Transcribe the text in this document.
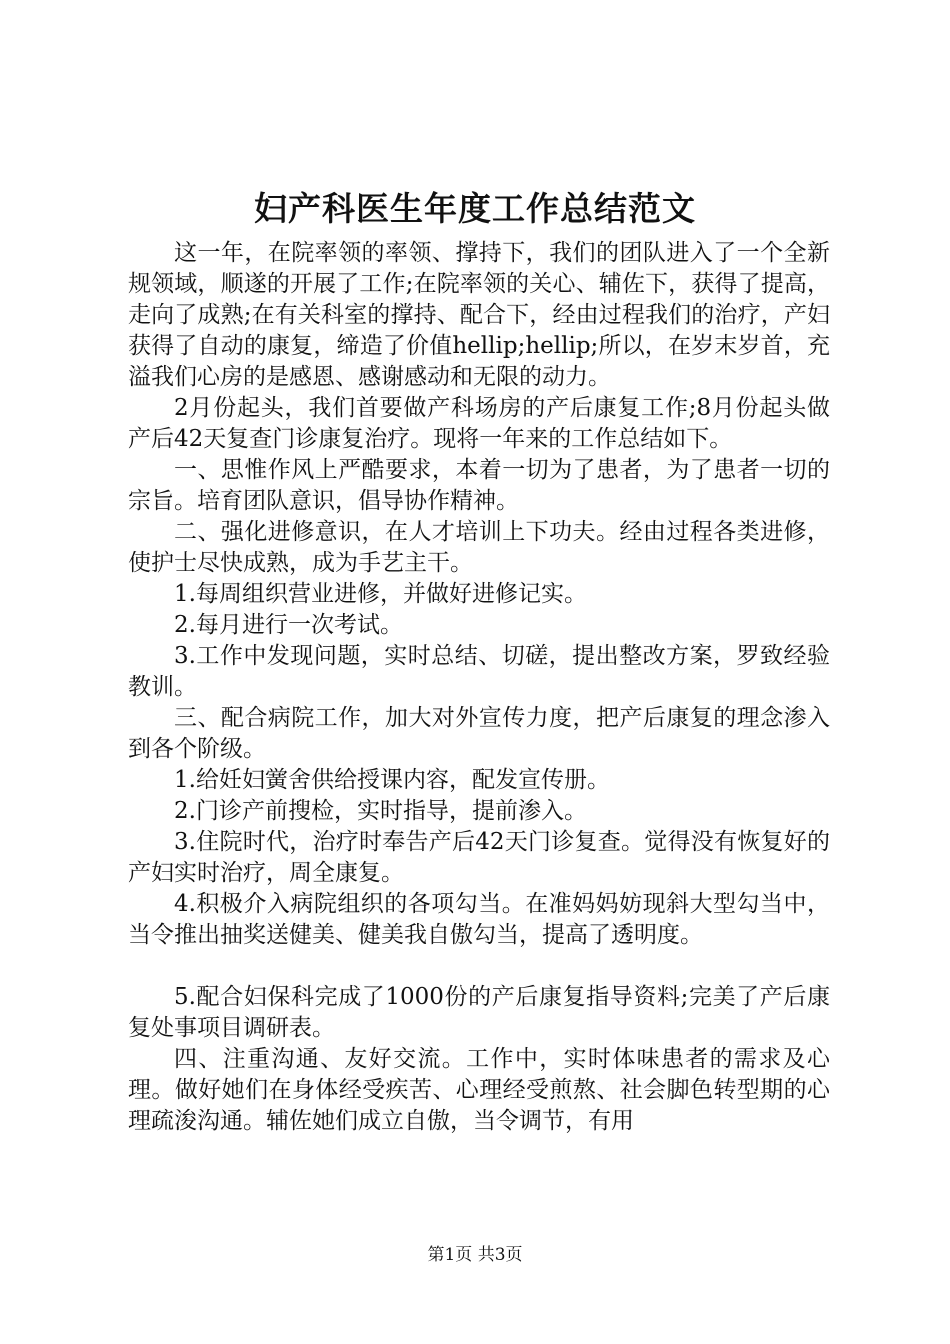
妇产科医生年度工作总结范文

这一年，在院率领的率领、撑持下，我们的团队进入了一个全新规领域，顺遂的开展了工作;在院率领的关心、辅佐下，获得了提高，走向了成熟;在有关科室的撑持、配合下，经由过程我们的治疗，产妇获得了自动的康复，缔造了价值hellip;hellip;所以，在岁末岁首，充溢我们心房的是感恩、感谢感动和无限的动力。

2月份起头，我们首要做产科场房的产后康复工作;8月份起头做产后42天复查门诊康复治疗。现将一年来的工作总结如下。

一、思惟作风上严酷要求，本着一切为了患者，为了患者一切的宗旨。培育团队意识，倡导协作精神。

二、强化进修意识，在人才培训上下功夫。经由过程各类进修，使护士尽快成熟，成为手艺主干。

1.每周组织营业进修，并做好进修记实。

2.每月进行一次考试。

3.工作中发现问题，实时总结、切磋，提出整改方案，罗致经验教训。

三、配合病院工作，加大对外宣传力度，把产后康复的理念渗入到各个阶级。

1.给妊妇黉舍供给授课内容，配发宣传册。

2.门诊产前搜检，实时指导，提前渗入。

3.住院时代，治疗时奉告产后42天门诊复查。觉得没有恢复好的产妇实时治疗，周全康复。

4.积极介入病院组织的各项勾当。在准妈妈妨现斜大型勾当中，当令推出抽奖送健美、健美我自傲勾当，提高了透明度。

5.配合妇保科完成了1000份的产后康复指导资料;完美了产后康复处事项目调研表。

四、注重沟通、友好交流。工作中，实时体味患者的需求及心理。做好她们在身体经受疾苦、心理经受煎熬、社会脚色转型期的心理疏浚沟通。辅佐她们成立自傲，当令调节，有用

第1页 共3页
